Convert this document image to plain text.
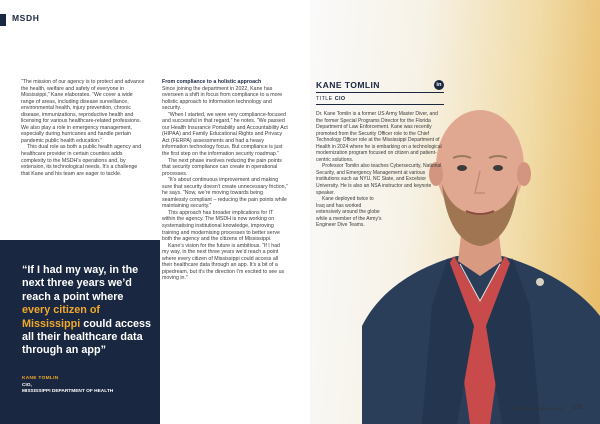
MSDH

“The mission of our agency is to protect and advance the health, welfare and safety of everyone in Mississippi,” Kane elaborates. “We cover a wide range of areas, including disease surveillance, environmental health, injury prevention, chronic disease, immunizations, reproductive health and licensing for various healthcare-related professions. We also play a role in emergency management, especially during hurricanes and handle pertain pandemic public health education.”

This dual role as both a public health agency and healthcare provider in certain counties adds complexity to the MSDH’s operations and, by extension, its technological needs. It’s a challenge that Kane and his team are eager to tackle.

From compliance to a holistic approach

Since joining the department in 2022, Kane has overseen a shift in focus from compliance to a more holistic approach to information technology and security.

“When I started, we were very compliance-focused and successful in that regard,” he notes. “We passed our Health Insurance Portability and Accountability Act (HIPAA) and Family Educational Rights and Privacy Act (FERPA) assessments and had a heavy information technology focus. But compliance is just the first step on the information security roadmap.”

The next phase involves reducing the pain points that security compliance can create in operational processes.

“It’s about continuous improvement and making sure that security doesn’t create unnecessary friction,” he says. “Now, we’re moving towards being seamlessly compliant – reducing the pain points while maintaining security.”

This approach has broader implications for IT within the agency. The MSDH is now working on systematising institutional knowledge, improving training and modernising processes to better serve both the agency and the citizens of Mississippi.

Kane’s vision for the future is ambitious. “If I had my way, in the next three years we’d reach a point where every citizen of Mississippi could access all their healthcare data through an app. It’s a bit of a pipedream, but it’s the direction I’m excited to see us moving in.”

“If I had my way, in the next three years we’d reach a point where every citizen of Mississippi could access all their healthcare data through an app”
KANE TOMLIN
CIO,
MISSISSIPPI DEPARTMENT OF HEALTH
KANE TOMLIN	in
TITLE CIO

Dr. Kane Tomlin is a former US Army Master Diver, and the former Special Programs Director for the Florida Department of Law Enforcement. Kane was recently promoted from the Security Officer role to the Chief Technology Officer role at the Mississippi Department of Health in 2024 where he is embarking on a technological modernization program focused on citizen and patient-centric solutions.

Professor Tomlin also teaches Cybersecurity, National Security, and Emergency Management at various institutions such as NYU, NC State, and Excelsior University. He is also an NSA instructor and keynote speaker.

Kane deployed twice to Iraq and has worked extensively around the globe while a member of the Army’s Engineer Dive Teams.

technologymagazine.com 275
